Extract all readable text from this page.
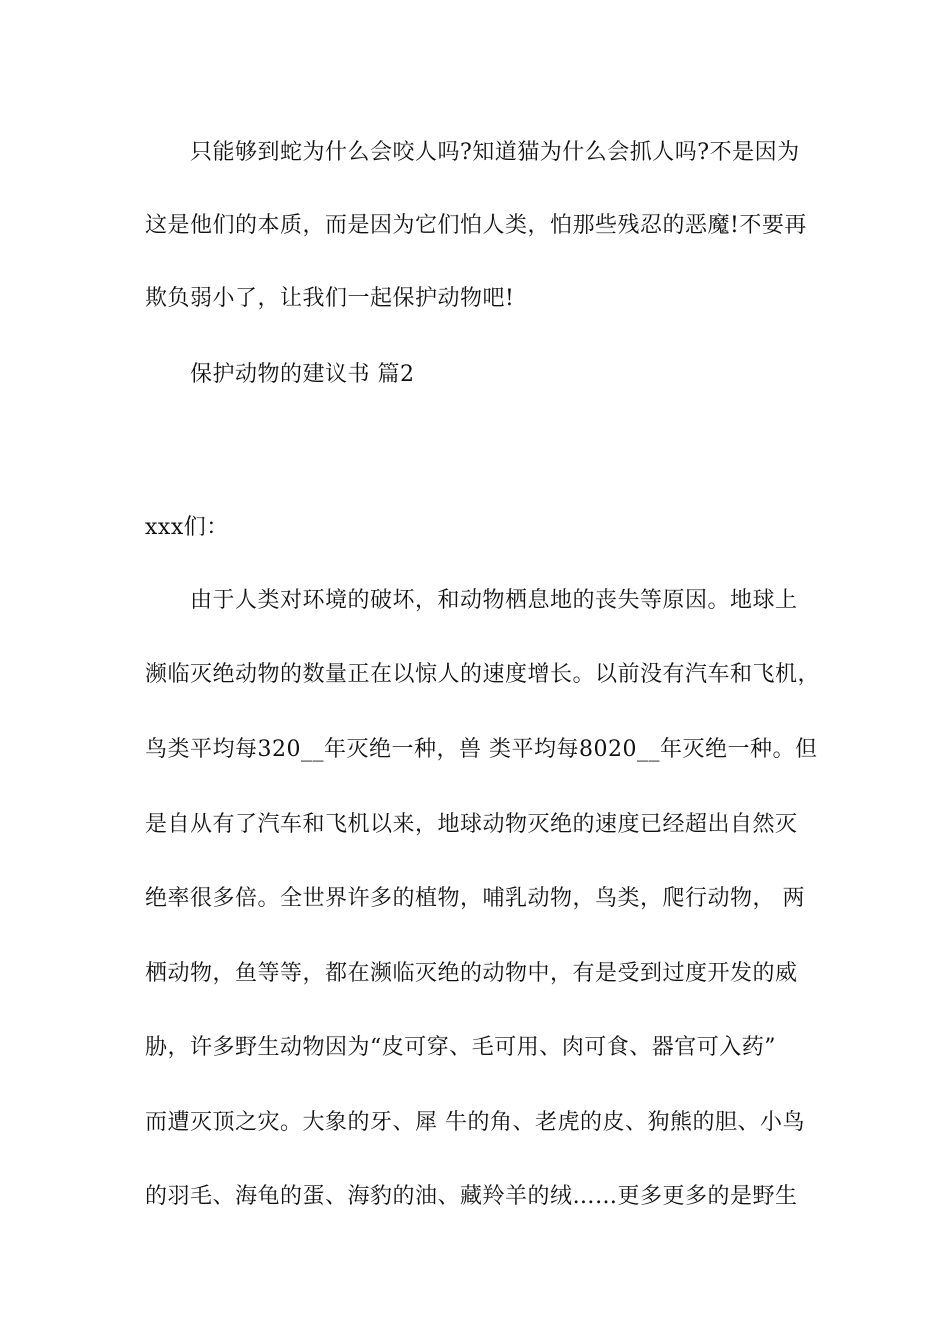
只能够到蛇为什么会咬人吗?知道猫为什么会抓人吗?不是因为
这是他们的本质，而是因为它们怕人类，怕那些残忍的恶魔!不要再
欺负弱小了，让我们一起保护动物吧!
保护动物的建议书 篇2
xxx们：
由于人类对环境的破坏，和动物栖息地的丧失等原因。地球上
濒临灭绝动物的数量正在以惊人的速度增长。以前没有汽车和飞机，
鸟类平均每320__年灭绝一种，兽 类平均每8020__年灭绝一种。但
是自从有了汽车和飞机以来，地球动物灭绝的速度已经超出自然灭
绝率很多倍。全世界许多的植物，哺乳动物，鸟类，爬行动物， 两
栖动物，鱼等等，都在濒临灭绝的动物中，有是受到过度开发的威
胁，许多野生动物因为“皮可穿、毛可用、肉可食、器官可入药”
而遭灭顶之灾。大象的牙、犀 牛的角、老虎的皮、狗熊的胆、小鸟
的羽毛、海龟的蛋、海豹的油、藏羚羊的绒……更多更多的是野生
